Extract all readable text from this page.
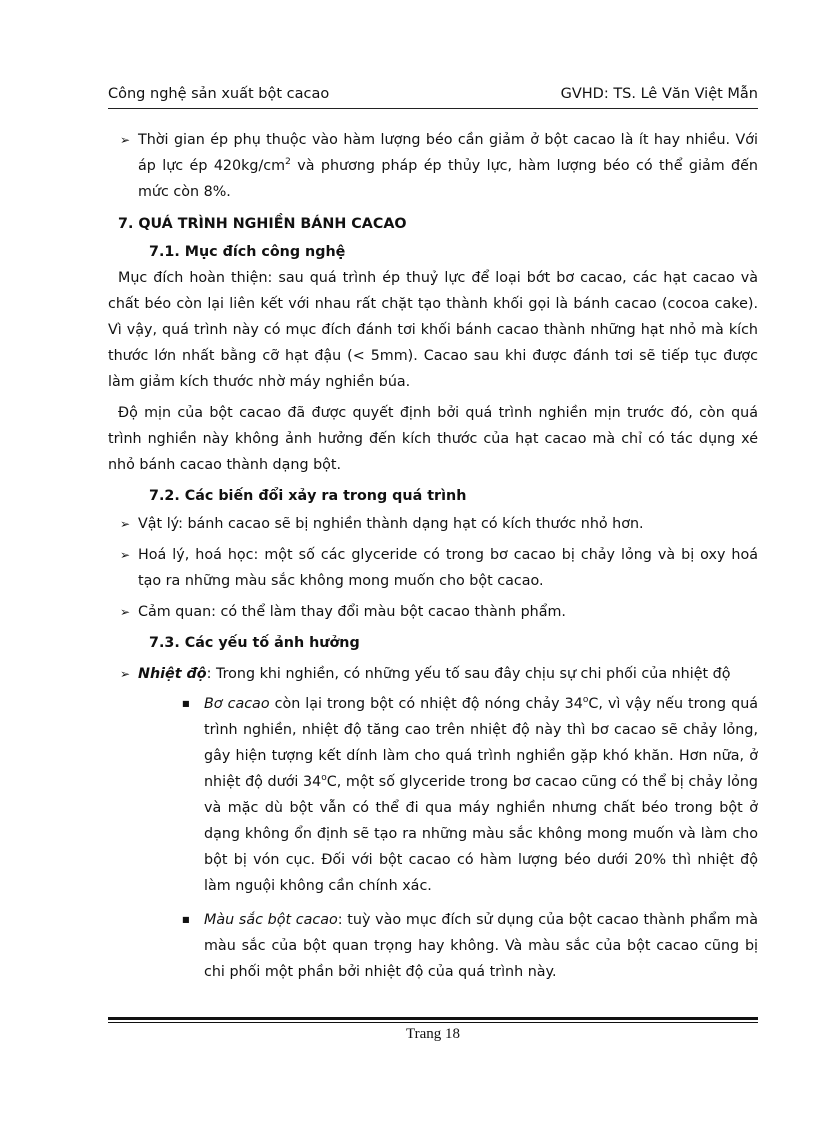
Công nghệ sản xuất bột cacao	GVHD: TS. Lê Văn Việt Mẫn
➢ Thời gian ép phụ thuộc vào hàm lượng béo cần giảm ở bột cacao là ít hay nhiều. Với áp lực ép $420kg/cm^2$ và phương pháp ép thủy lực, hàm lượng béo có thể giảm đến mức còn 8%.

7. QUÁ TRÌNH NGHIỀN BÁNH CACAO

7.1. Mục đích công nghệ

Mục đích hoàn thiện: sau quá trình ép thuỷ lực để loại bớt bơ cacao, các hạt cacao và chất béo còn lại liên kết với nhau rất chặt tạo thành khối gọi là bánh cacao (cocoa cake). Vì vậy, quá trình này có mục đích đánh tơi khối bánh cacao thành những hạt nhỏ mà kích thước lớn nhất bằng cỡ hạt đậu (< 5mm). Cacao sau khi được đánh tơi sẽ tiếp tục được làm giảm kích thước nhờ máy nghiền búa.

Độ mịn của bột cacao đã được quyết định bởi quá trình nghiền mịn trước đó, còn quá trình nghiền này không ảnh hưởng đến kích thước của hạt cacao mà chỉ có tác dụng xé nhỏ bánh cacao thành dạng bột.

7.2. Các biến đổi xảy ra trong quá trình

➢ Vật lý: bánh cacao sẽ bị nghiền thành dạng hạt có kích thước nhỏ hơn.
➢ Hoá lý, hoá học: một số các glyceride có trong bơ cacao bị chảy lỏng và bị oxy hoá tạo ra những màu sắc không mong muốn cho bột cacao.
➢ Cảm quan: có thể làm thay đổi màu bột cacao thành phẩm.

7.3. Các yếu tố ảnh hưởng

➢ Nhiệt độ: Trong khi nghiền, có những yếu tố sau đây chịu sự chi phối của nhiệt độ
■ Bơ cacao còn lại trong bột có nhiệt độ nóng chảy 34$^o$C, vì vậy nếu trong quá trình nghiền, nhiệt độ tăng cao trên nhiệt độ này thì bơ cacao sẽ chảy lỏng, gây hiện tượng kết dính làm cho quá trình nghiền gặp khó khăn. Hơn nữa, ở nhiệt độ dưới 34$^o$C, một số glyceride trong bơ cacao cũng có thể bị chảy lỏng và mặc dù bột vẫn có thể đi qua máy nghiền nhưng chất béo trong bột ở dạng không ổn định sẽ tạo ra những màu sắc không mong muốn và làm cho bột bị vón cục. Đối với bột cacao có hàm lượng béo dưới 20% thì nhiệt độ làm nguội không cần chính xác.
■ Màu sắc bột cacao: tuỳ vào mục đích sử dụng của bột cacao thành phẩm mà màu sắc của bột quan trọng hay không. Và màu sắc của bột cacao cũng bị chi phối một phần bởi nhiệt độ của quá trình này.
Trang 18
